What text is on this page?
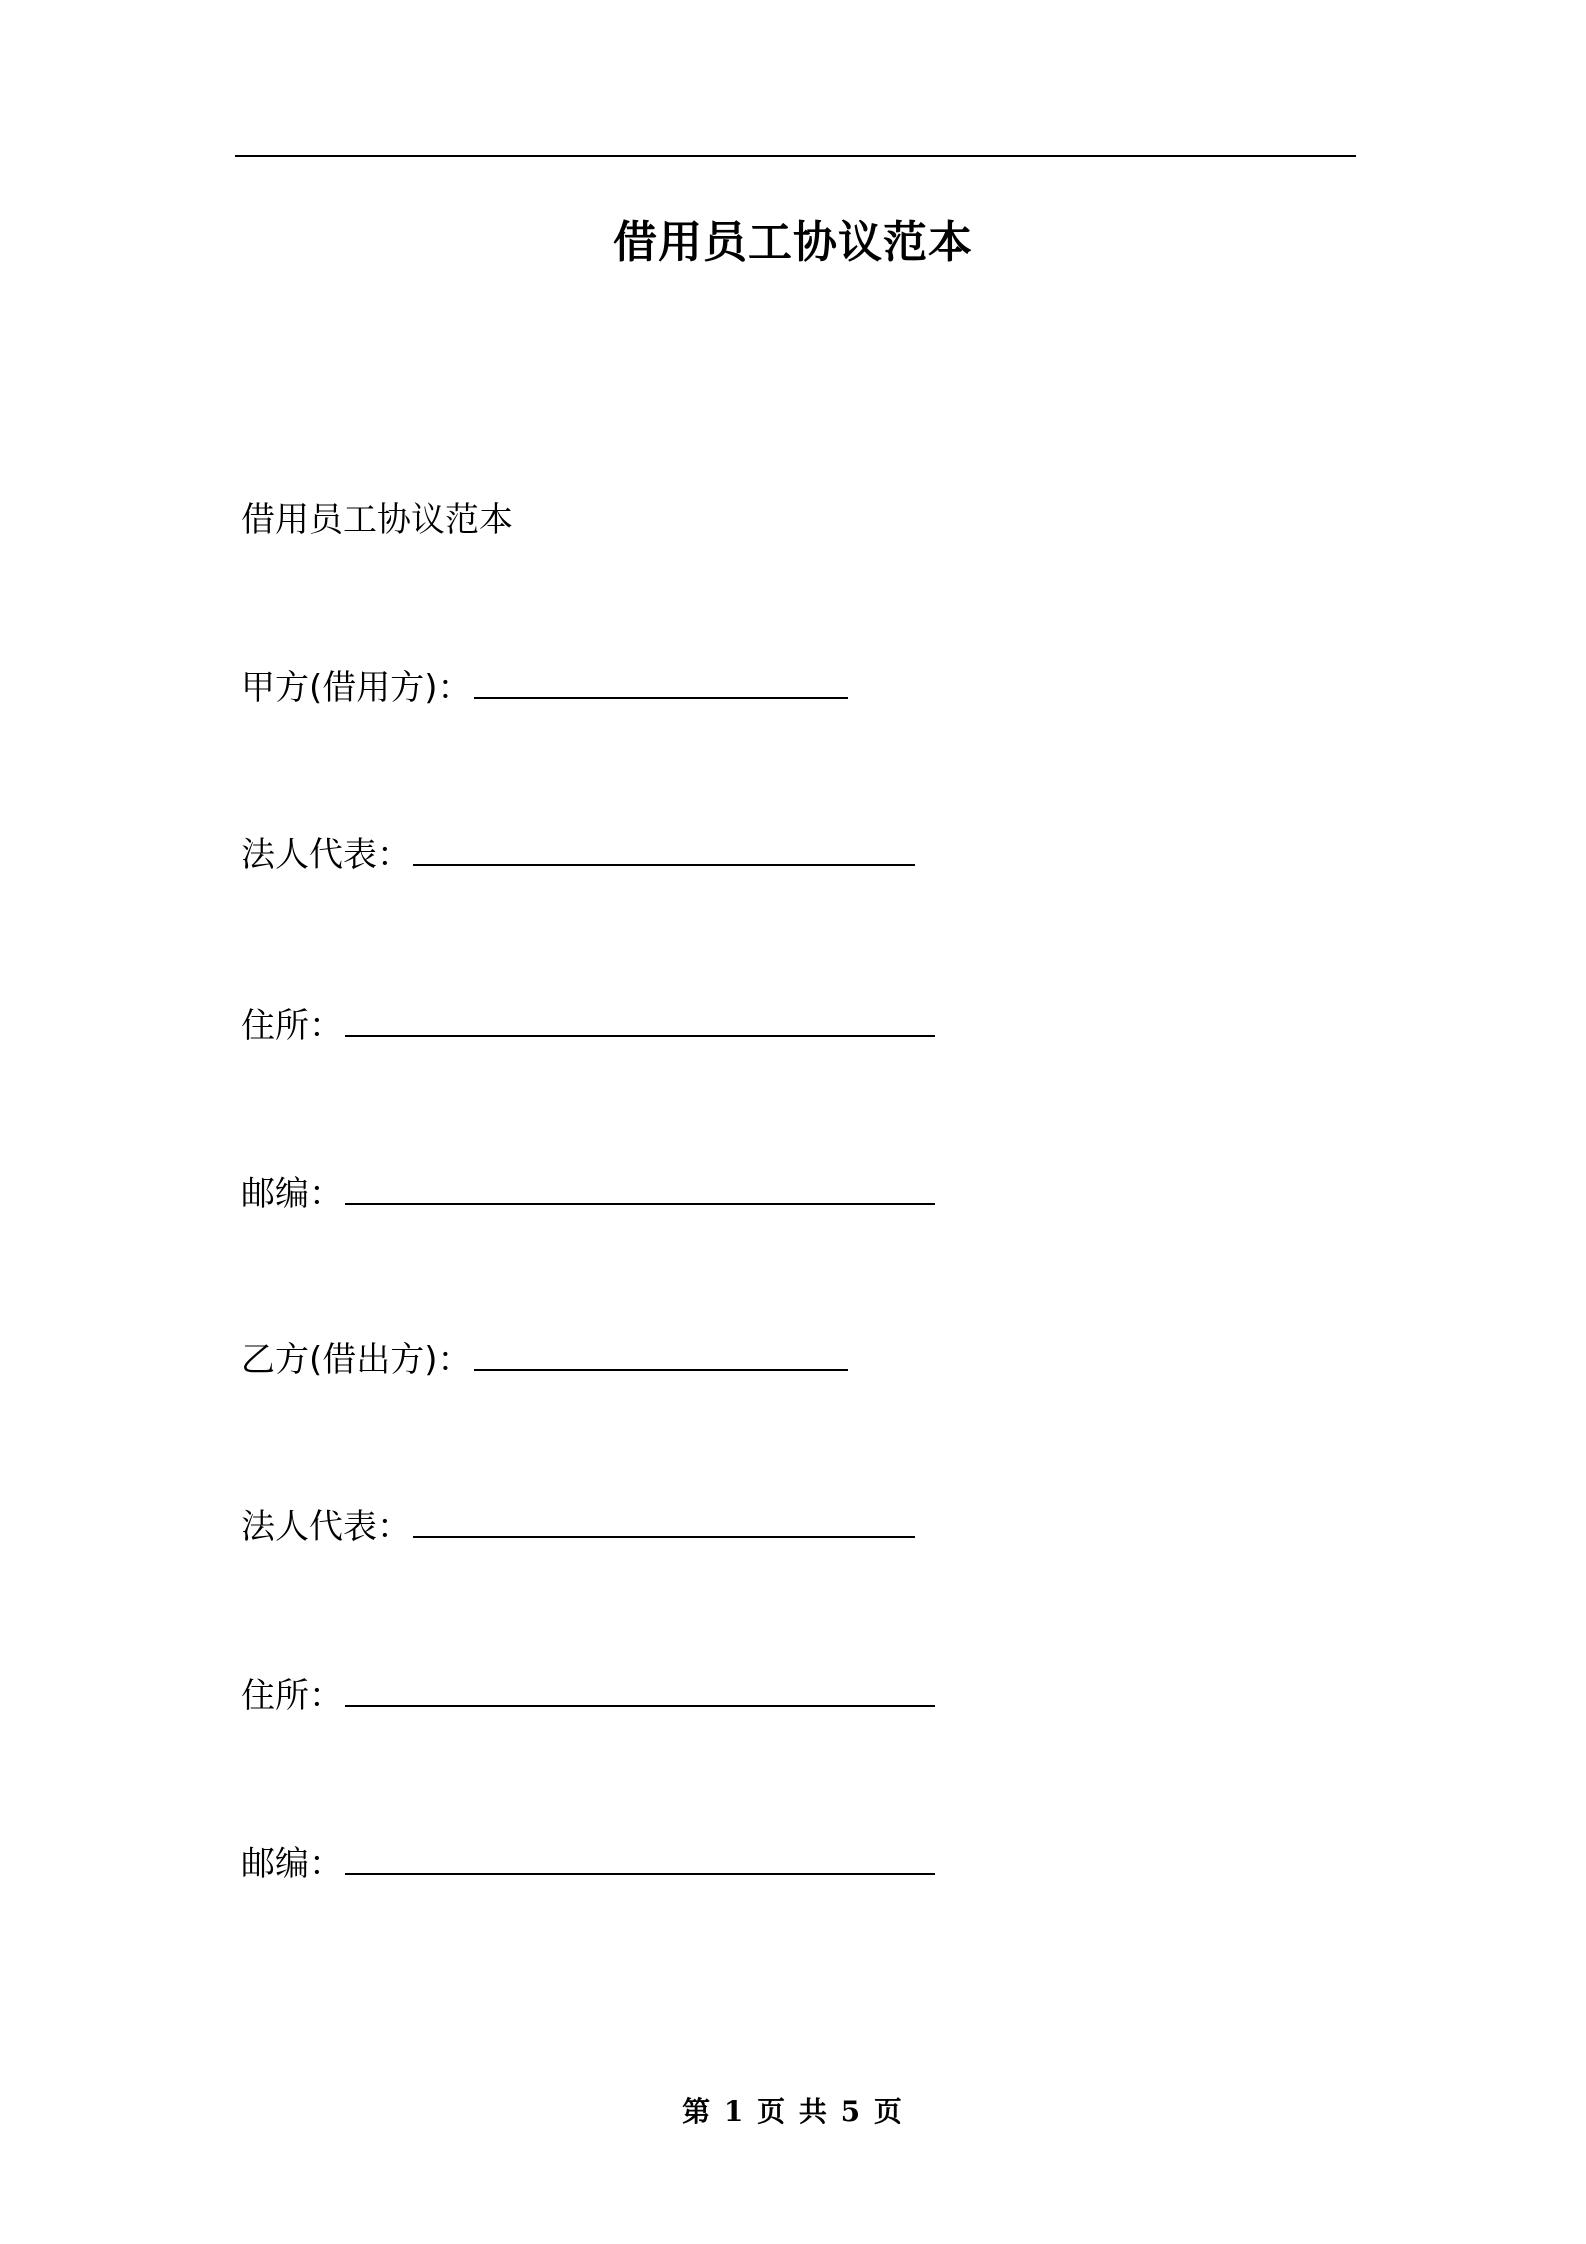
借用员工协议范本
借用员工协议范本
甲方(借用方)：
法人代表：
住所：
邮编：
乙方(借出方)：
法人代表：
住所：
邮编：
第 1 页 共 5 页
